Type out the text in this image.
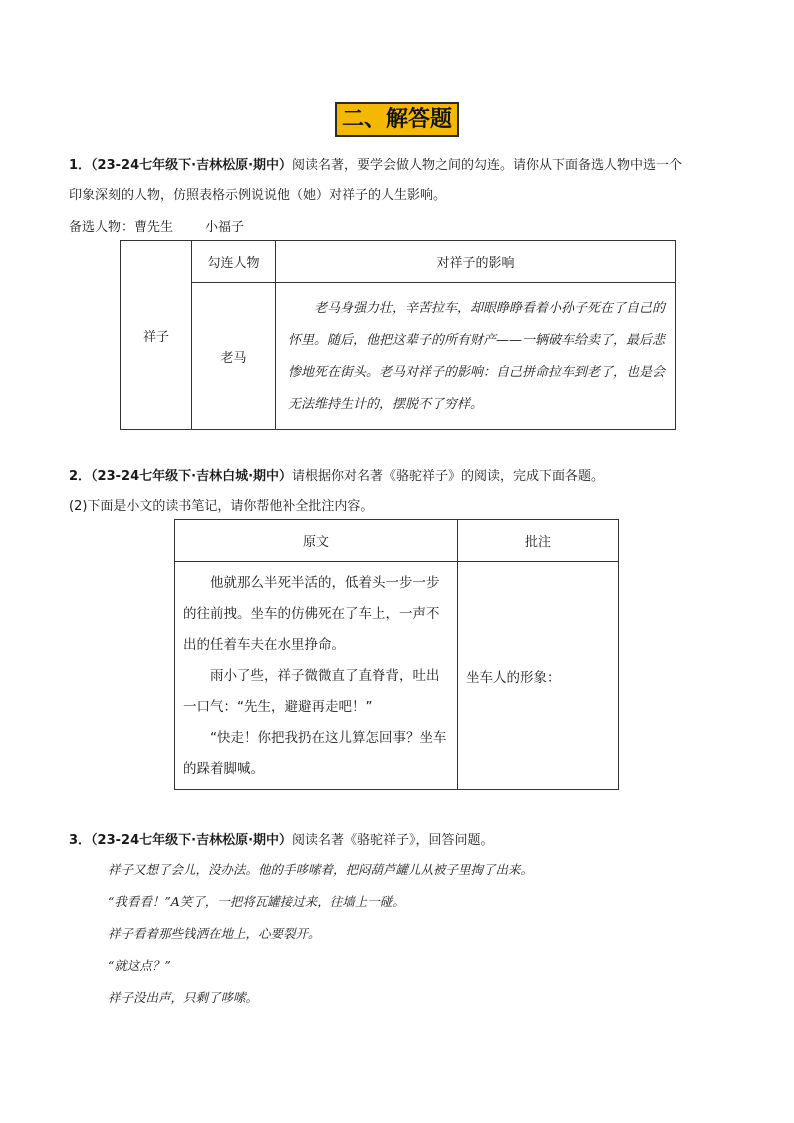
二、解答题
1．（23-24七年级下·吉林松原·期中）阅读名著，要学会做人物之间的勾连。请你从下面备选人物中选一个
印象深刻的人物，仿照表格示例说说他（她）对祥子的人生影响。
备选人物：曹先生 小福子
祥子	勾连人物	对祥子的影响
	老马	老马身强力壮，辛苦拉车，却眼睁睁看着小孙子死在了自己的怀里。随后，他把这辈子的所有财产——一辆破车给卖了，最后悲惨地死在街头。老马对祥子的影响：自己拼命拉车到老了，也是会无法维持生计的，摆脱不了穷样。

2．（23-24七年级下·吉林白城·期中）请根据你对名著《骆驼祥子》的阅读，完成下面各题。
(2)下面是小文的读书笔记，请你帮他补全批注内容。
原文	批注

他就那么半死半活的，低着头一步一步的往前拽。坐车的仿佛死在了车上，一声不出的任着车夫在水里挣命。

雨小了些，祥子微微直了直脊背，吐出一口气：“先生，避避再走吧！”

“快走！你把我扔在这儿算怎回事？坐车的跺着脚喊。	坐车人的形象：
3．（23-24七年级下·吉林松原·期中）阅读名著《骆驼祥子》，回答问题。
祥子又想了会儿，没办法。他的手哆嗦着，把闷葫芦罐儿从被子里掏了出来。
“我看看！”A笑了，一把将瓦罐接过来，往墙上一碰。
祥子看着那些钱洒在地上，心要裂开。
“就这点？”
祥子没出声，只剩了哆嗦。
